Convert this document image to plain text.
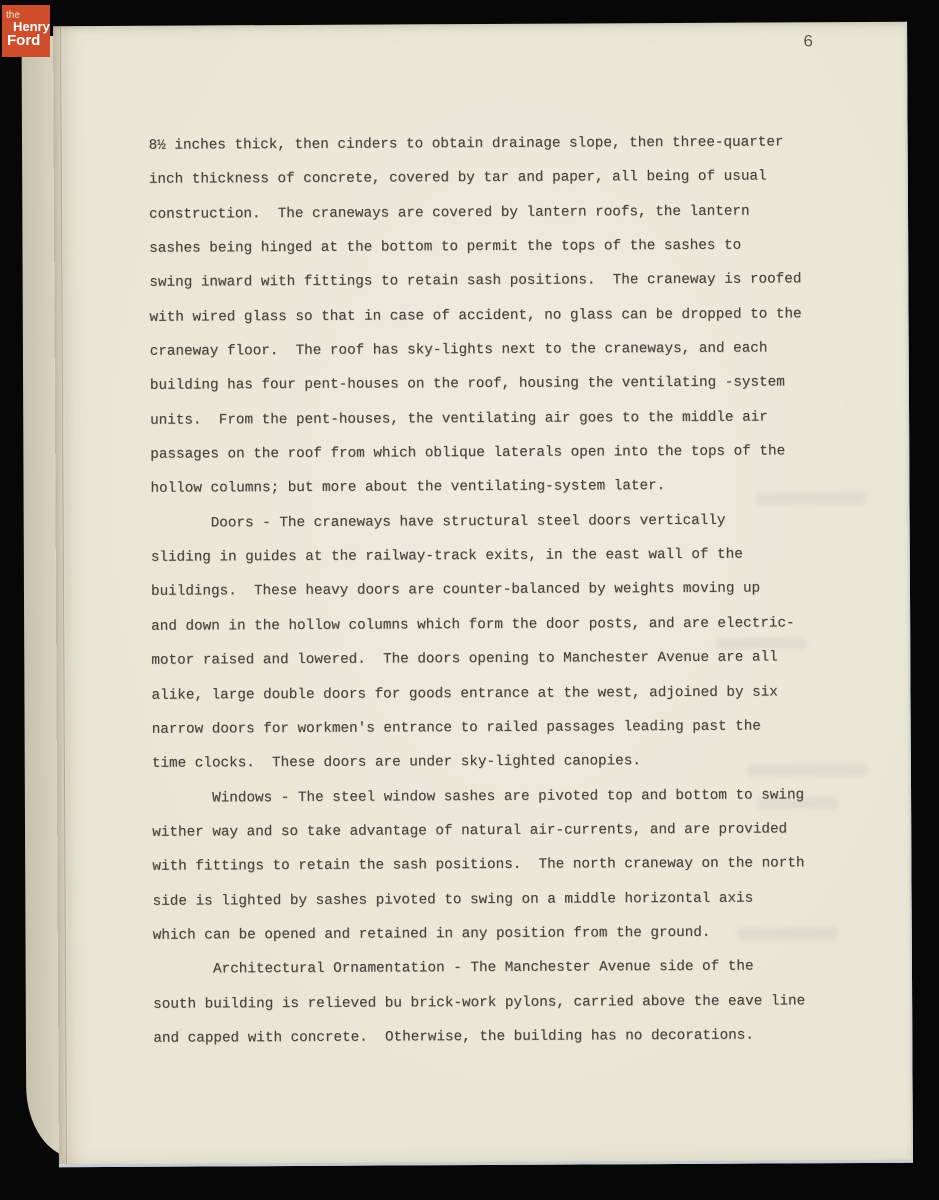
6
8½ inches thick, then cinders to obtain drainage slope, then three-quarter
inch thickness of concrete, covered by tar and paper, all being of usual
construction.  The craneways are covered by lantern roofs, the lantern
sashes being hinged at the bottom to permit the tops of the sashes to
swing inward with fittings to retain sash positions.  The craneway is roofed
with wired glass so that in case of accident, no glass can be dropped to the
craneway floor.  The roof has sky-lights next to the craneways, and each
building has four pent-houses on the roof, housing the ventilating -system
units.  From the pent-houses, the ventilating air goes to the middle air
passages on the roof from which oblique laterals open into the tops of the
hollow columns; but more about the ventilating-system later.
Doors - The craneways have structural steel doors vertically
sliding in guides at the railway-track exits, in the east wall of the
buildings.  These heavy doors are counter-balanced by weights moving up
and down in the hollow columns which form the door posts, and are electric-
motor raised and lowered.  The doors opening to Manchester Avenue are all
alike, large double doors for goods entrance at the west, adjoined by six
narrow doors for workmen's entrance to railed passages leading past the
time clocks.  These doors are under sky-lighted canopies.
Windows - The steel window sashes are pivoted top and bottom to swing
wither way and so take advantage of natural air-currents, and are provided
with fittings to retain the sash positions.  The north craneway on the north
side is lighted by sashes pivoted to swing on a middle horizontal axis
which can be opened and retained in any position from the ground.
Architectural Ornamentation - The Manchester Avenue side of the
south building is relieved bu brick-work pylons, carried above the eave line
and capped with concrete.  Otherwise, the building has no decorations.
the
Henry
Ford
